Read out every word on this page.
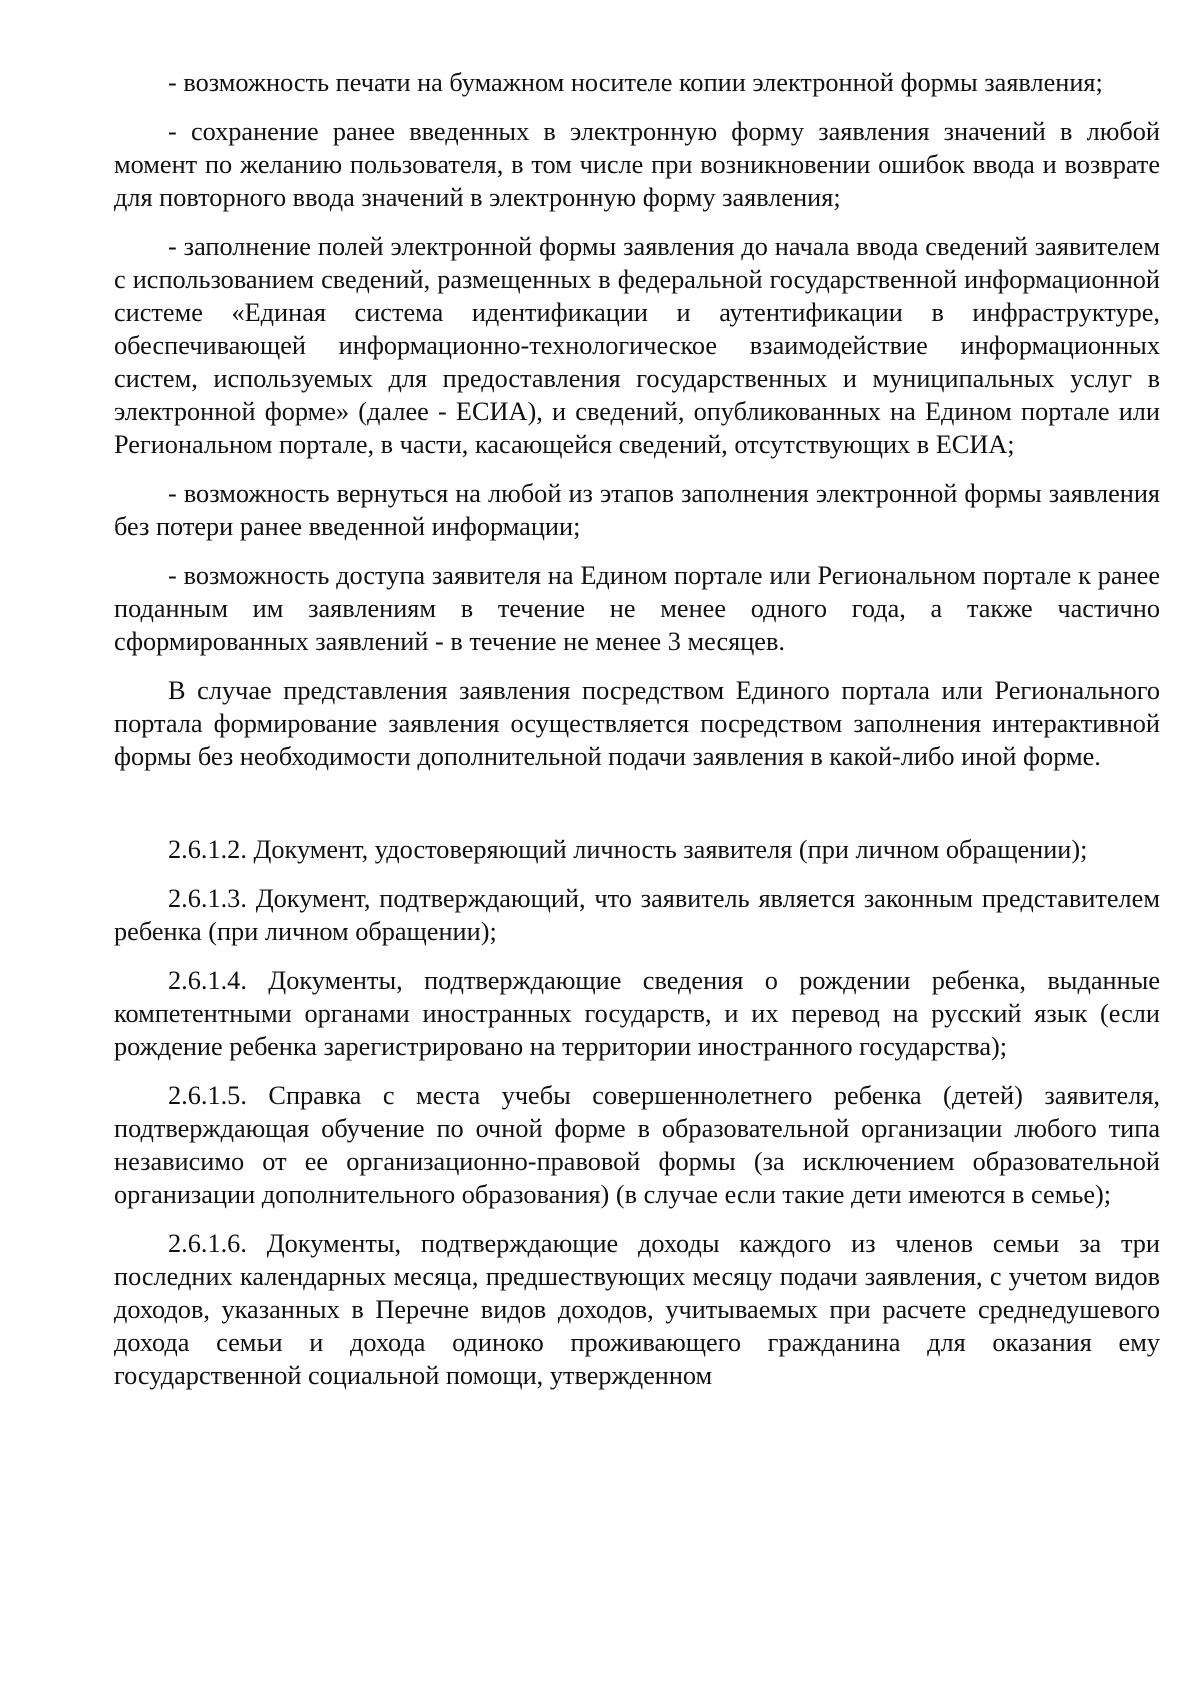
- возможность печати на бумажном носителе копии электронной формы заявления;

- сохранение ранее введенных в электронную форму заявления значений в любой момент по желанию пользователя, в том числе при возникновении ошибок ввода и возврате для повторного ввода значений в электронную форму заявления;

- заполнение полей электронной формы заявления до начала ввода сведений заявителем с использованием сведений, размещенных в федеральной государственной информационной системе «Единая система идентификации и аутентификации в инфраструктуре, обеспечивающей информационно-технологическое взаимодействие информационных систем, используемых для предоставления государственных и муниципальных услуг в электронной форме» (далее - ЕСИА), и сведений, опубликованных на Едином портале или Региональном портале, в части, касающейся сведений, отсутствующих в ЕСИА;

- возможность вернуться на любой из этапов заполнения электронной формы заявления без потери ранее введенной информации;

- возможность доступа заявителя на Едином портале или Региональном портале к ранее поданным им заявлениям в течение не менее одного года, а также частично сформированных заявлений - в течение не менее 3 месяцев.

В случае представления заявления посредством Единого портала или Регионального портала формирование заявления осуществляется посредством заполнения интерактивной формы без необходимости дополнительной подачи заявления в какой-либо иной форме.

2.6.1.2. Документ, удостоверяющий личность заявителя (при личном обращении);

2.6.1.3. Документ, подтверждающий, что заявитель является законным представителем ребенка (при личном обращении);

2.6.1.4. Документы, подтверждающие сведения о рождении ребенка, выданные компетентными органами иностранных государств, и их перевод на русский язык (если рождение ребенка зарегистрировано на территории иностранного государства);

2.6.1.5. Справка с места учебы совершеннолетнего ребенка (детей) заявителя, подтверждающая обучение по очной форме в образовательной организации любого типа независимо от ее организационно-правовой формы (за исключением образовательной организации дополнительного образования) (в случае если такие дети имеются в семье);

2.6.1.6. Документы, подтверждающие доходы каждого из членов семьи за три последних календарных месяца, предшествующих месяцу подачи заявления, с учетом видов доходов, указанных в Перечне видов доходов, учитываемых при расчете среднедушевого дохода семьи и дохода одиноко проживающего гражданина для оказания ему государственной социальной помощи, утвержденном
